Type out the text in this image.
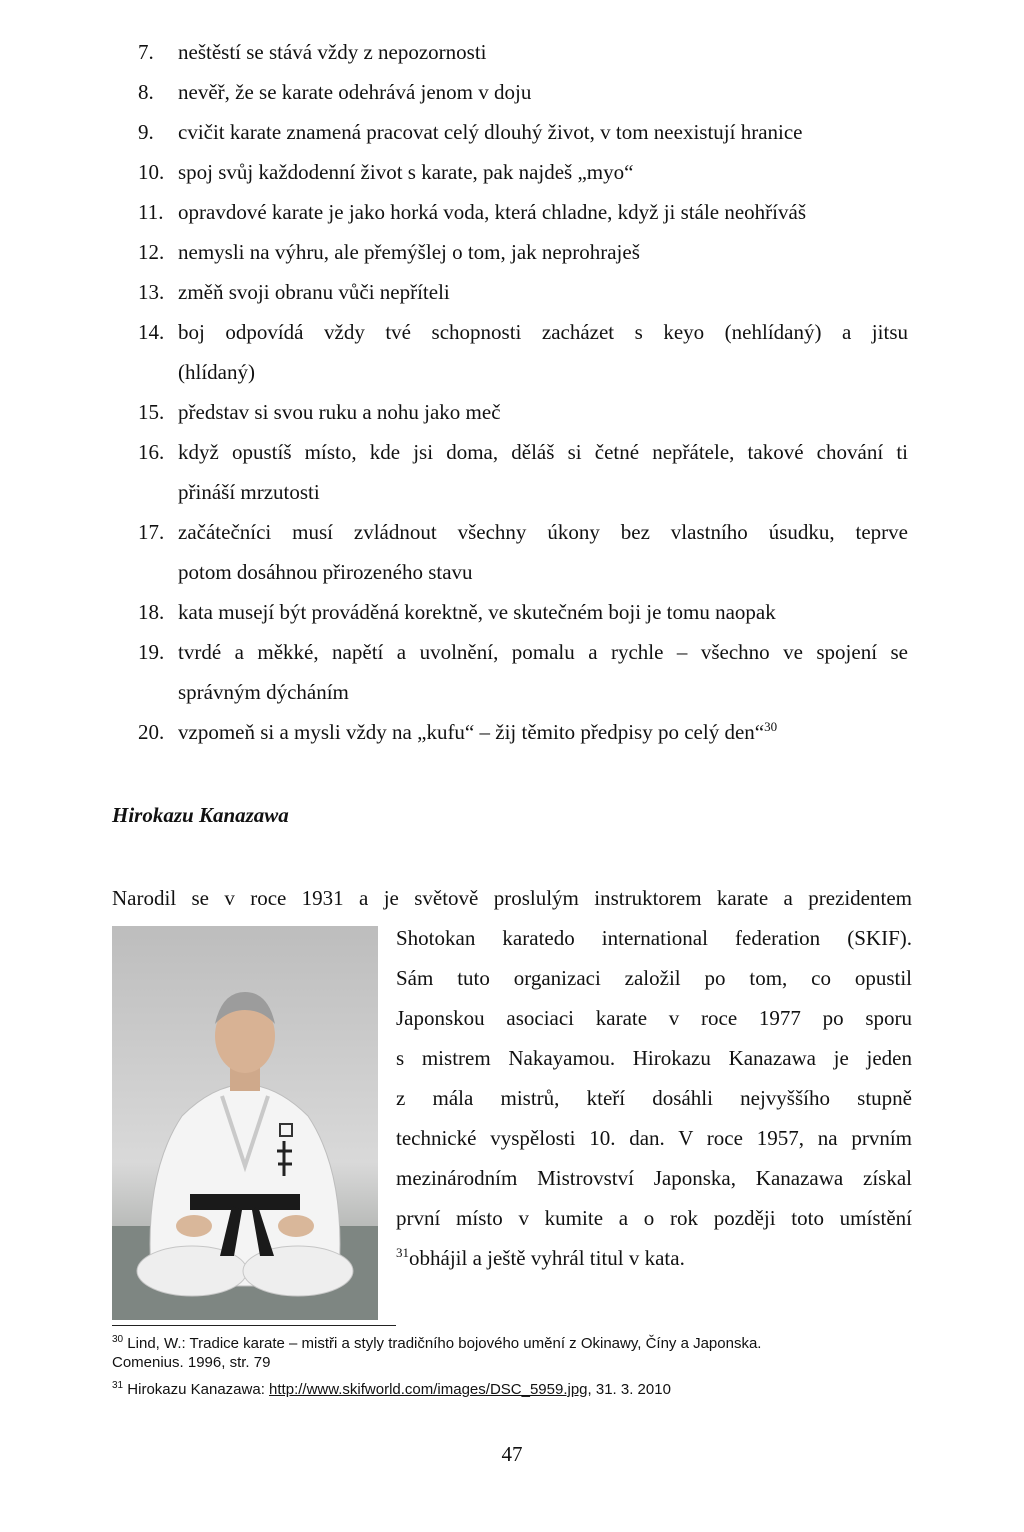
7. neštěstí se stává vždy z nepozornosti
8. nevěř, že se karate odehrává jenom v doju
9. cvičit karate znamená pracovat celý dlouhý život, v tom neexistují hranice
10. spoj svůj každodenní život s karate, pak najdeš „myo“
11. opravdové karate je jako horká voda, která chladne, když ji stále neohříváš
12. nemysli na výhru, ale přemýšlej o tom, jak neprohraješ
13. změň svoji obranu vůči nepříteli
14. boj odpovídá vždy tvé schopnosti zacházet s keyo (nehlídaný) a jitsu
(hlídaný)
15. představ si svou ruku a nohu jako meč
16. když opustíš místo, kde jsi doma, děláš si četné nepřátele, takové chování ti
přináší mrzutosti
17. začátečníci musí zvládnout všechny úkony bez vlastního úsudku, teprve
potom dosáhnou přirozeného stavu
18. kata musejí být prováděná korektně, ve skutečném boji je tomu naopak
19. tvrdé a měkké, napětí a uvolnění, pomalu a rychle – všechno ve spojení se
správným dýcháním
20. vzpomeň si a mysli vždy na „kufu“ – žij těmito předpisy po celý den“$^{30}$
Hirokazu Kanazawa
Narodil se v roce 1931 a je světově proslulým instruktorem karate a prezidentem
Shotokan karatedo international federation (SKIF).
Sám tuto organizaci založil po tom, co opustil
Japonskou asociaci karate v roce 1977 po sporu
s mistrem Nakayamou. Hirokazu Kanazawa je jeden
z mála mistrů, kteří dosáhli nejvyššího stupně
technické vyspělosti 10. dan. V roce 1957, na prvním
mezinárodním Mistrovství Japonska, Kanazawa získal
první místo v kumite a o rok později toto umístění
$^{31}$obhájil a ještě vyhrál titul v kata.
$^{30}$ Lind, W.: Tradice karate – mistři a styly tradičního bojového umění z Okinawy, Číny a Japonska.
Comenius. 1996, str. 79
$^{31}$ Hirokazu Kanazawa: http://www.skifworld.com/images/DSC_5959.jpg, 31. 3. 2010
47
